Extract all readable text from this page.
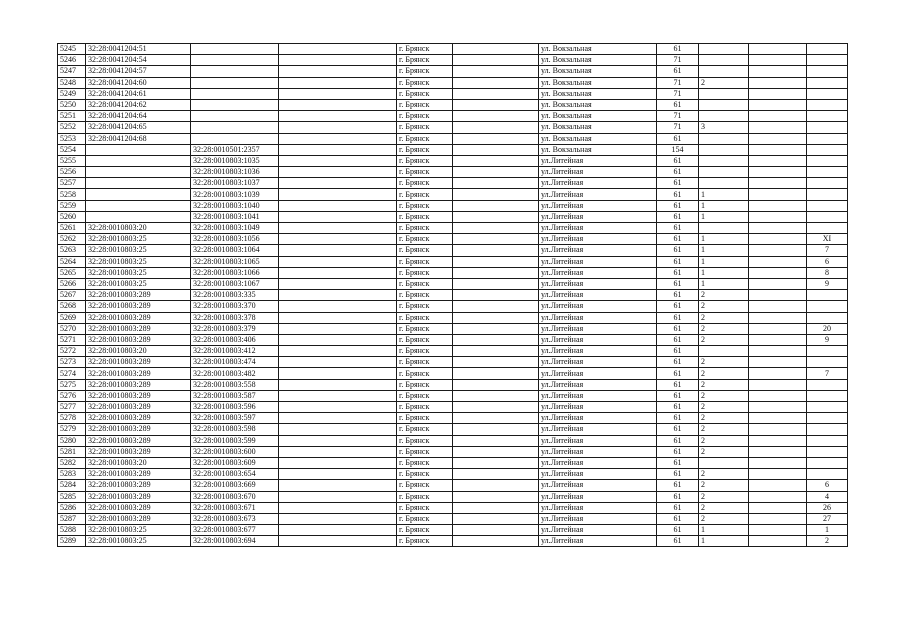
5245	32:28:0041204:51			г. Брянск		ул. Вокзальная	61			
5246	32:28:0041204:54			г. Брянск		ул. Вокзальная	71			
5247	32:28:0041204:57			г. Брянск		ул. Вокзальная	61			
5248	32:28:0041204:60			г. Брянск		ул. Вокзальная	71	2		
5249	32:28:0041204:61			г. Брянск		ул. Вокзальная	71			
5250	32:28:0041204:62			г. Брянск		ул. Вокзальная	61			
5251	32:28:0041204:64			г. Брянск		ул. Вокзальная	71			
5252	32:28:0041204:65			г. Брянск		ул. Вокзальная	71	3		
5253	32:28:0041204:68			г. Брянск		ул. Вокзальная	61			
5254		32:28:0010501:2357		г. Брянск		ул. Вокзальная	154			
5255		32:28:0010803:1035		г. Брянск		ул.Литейная	61			
5256		32:28:0010803:1036		г. Брянск		ул.Литейная	61			
5257		32:28:0010803:1037		г. Брянск		ул.Литейная	61			
5258		32:28:0010803:1039		г. Брянск		ул.Литейная	61	1		
5259		32:28:0010803:1040		г. Брянск		ул.Литейная	61	1		
5260		32:28:0010803:1041		г. Брянск		ул.Литейная	61	1		
5261	32:28:0010803:20	32:28:0010803:1049		г. Брянск		ул.Литейная	61			
5262	32:28:0010803:25	32:28:0010803:1056		г. Брянск		ул.Литейная	61	1		XI
5263	32:28:0010803:25	32:28:0010803:1064		г. Брянск		ул.Литейная	61	1		7
5264	32:28:0010803:25	32:28:0010803:1065		г. Брянск		ул.Литейная	61	1		6
5265	32:28:0010803:25	32:28:0010803:1066		г. Брянск		ул.Литейная	61	1		8
5266	32:28:0010803:25	32:28:0010803:1067		г. Брянск		ул.Литейная	61	1		9
5267	32:28:0010803:289	32:28:0010803:335		г. Брянск		ул.Литейная	61	2		
5268	32:28:0010803:289	32:28:0010803:370		г. Брянск		ул.Литейная	61	2		
5269	32:28:0010803:289	32:28:0010803:378		г. Брянск		ул.Литейная	61	2		
5270	32:28:0010803:289	32:28:0010803:379		г. Брянск		ул.Литейная	61	2		20
5271	32:28:0010803:289	32:28:0010803:406		г. Брянск		ул.Литейная	61	2		9
5272	32:28:0010803:20	32:28:0010803:412		г. Брянск		ул.Литейная	61			
5273	32:28:0010803:289	32:28:0010803:474		г. Брянск		ул.Литейная	61	2		
5274	32:28:0010803:289	32:28:0010803:482		г. Брянск		ул.Литейная	61	2		7
5275	32:28:0010803:289	32:28:0010803:558		г. Брянск		ул.Литейная	61	2		
5276	32:28:0010803:289	32:28:0010803:587		г. Брянск		ул.Литейная	61	2		
5277	32:28:0010803:289	32:28:0010803:596		г. Брянск		ул.Литейная	61	2		
5278	32:28:0010803:289	32:28:0010803:597		г. Брянск		ул.Литейная	61	2		
5279	32:28:0010803:289	32:28:0010803:598		г. Брянск		ул.Литейная	61	2		
5280	32:28:0010803:289	32:28:0010803:599		г. Брянск		ул.Литейная	61	2		
5281	32:28:0010803:289	32:28:0010803:600		г. Брянск		ул.Литейная	61	2		
5282	32:28:0010803:20	32:28:0010803:609		г. Брянск		ул.Литейная	61			
5283	32:28:0010803:289	32:28:0010803:654		г. Брянск		ул.Литейная	61	2		
5284	32:28:0010803:289	32:28:0010803:669		г. Брянск		ул.Литейная	61	2		6
5285	32:28:0010803:289	32:28:0010803:670		г. Брянск		ул.Литейная	61	2		4
5286	32:28:0010803:289	32:28:0010803:671		г. Брянск		ул.Литейная	61	2		26
5287	32:28:0010803:289	32:28:0010803:673		г. Брянск		ул.Литейная	61	2		27
5288	32:28:0010803:25	32:28:0010803:677		г. Брянск		ул.Литейная	61	1		1
5289	32:28:0010803:25	32:28:0010803:694		г. Брянск		ул.Литейная	61	1		2
